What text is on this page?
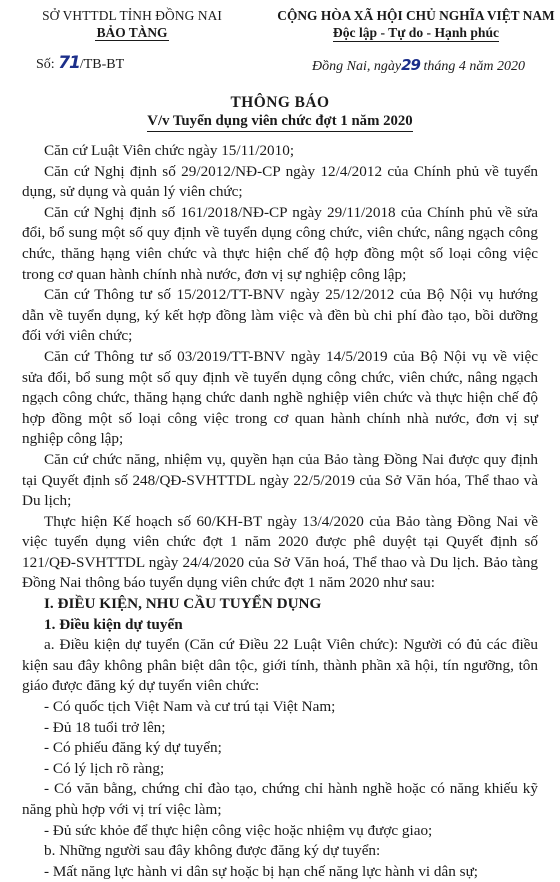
SỞ VHTTDL TỈNH ĐỒNG NAI
BẢO TÀNG
CỘNG HÒA XÃ HỘI CHỦ NGHĨA VIỆT NAM
Độc lập - Tự do - Hạnh phúc
Số: 71/TB-BT	Đồng Nai, ngày29 tháng 4 năm 2020
THÔNG BÁO
V/v Tuyển dụng viên chức đợt 1 năm 2020

Căn cứ Luật Viên chức ngày 15/11/2010;

Căn cứ Nghị định số 29/2012/NĐ-CP ngày 12/4/2012 của Chính phủ về tuyển dụng, sử dụng và quản lý viên chức;

Căn cứ Nghị định số 161/2018/NĐ-CP ngày 29/11/2018 của Chính phủ về sửa đổi, bổ sung một số quy định về tuyển dụng công chức, viên chức, nâng ngạch công chức, thăng hạng viên chức và thực hiện chế độ hợp đồng một số loại công việc trong cơ quan hành chính nhà nước, đơn vị sự nghiệp công lập;

Căn cứ Thông tư số 15/2012/TT-BNV ngày 25/12/2012 của Bộ Nội vụ hướng dẫn về tuyển dụng, ký kết hợp đồng làm việc và đền bù chi phí đào tạo, bồi dưỡng đối với viên chức;

Căn cứ Thông tư số 03/2019/TT-BNV ngày 14/5/2019 của Bộ Nội vụ về việc sửa đổi, bổ sung một số quy định về tuyển dụng công chức, viên chức, nâng ngạch ngạch công chức, thăng hạng chức danh nghề nghiệp viên chức và thực hiện chế độ hợp đồng một số loại công việc trong cơ quan hành chính nhà nước, đơn vị sự nghiệp công lập;

Căn cứ chức năng, nhiệm vụ, quyền hạn của Bảo tàng Đồng Nai được quy định tại Quyết định số 248/QĐ-SVHTTDL ngày 22/5/2019 của Sở Văn hóa, Thể thao và Du lịch;

Thực hiện Kế hoạch số 60/KH-BT ngày 13/4/2020 của Bảo tàng Đồng Nai về việc tuyển dụng viên chức đợt 1 năm 2020 được phê duyệt tại Quyết định số 121/QĐ-SVHTTDL ngày 24/4/2020 của Sở Văn hoá, Thể thao và Du lịch. Bảo tàng Đồng Nai thông báo tuyển dụng viên chức đợt 1 năm 2020 như sau:

I. ĐIỀU KIỆN, NHU CẦU TUYỂN DỤNG
1. Điều kiện dự tuyển

a. Điều kiện dự tuyển (Căn cứ Điều 22 Luật Viên chức): Người có đủ các điều kiện sau đây không phân biệt dân tộc, giới tính, thành phần xã hội, tín ngưỡng, tôn giáo được đăng ký dự tuyển viên chức:

- Có quốc tịch Việt Nam và cư trú tại Việt Nam;

- Đủ 18 tuổi trở lên;

- Có phiếu đăng ký dự tuyển;

- Có lý lịch rõ ràng;

- Có văn bằng, chứng chỉ đào tạo, chứng chỉ hành nghề hoặc có năng khiếu kỹ năng phù hợp với vị trí việc làm;

- Đủ sức khỏe để thực hiện công việc hoặc nhiệm vụ được giao;

b. Những người sau đây không được đăng ký dự tuyển:

- Mất năng lực hành vi dân sự hoặc bị hạn chế năng lực hành vi dân sự;
